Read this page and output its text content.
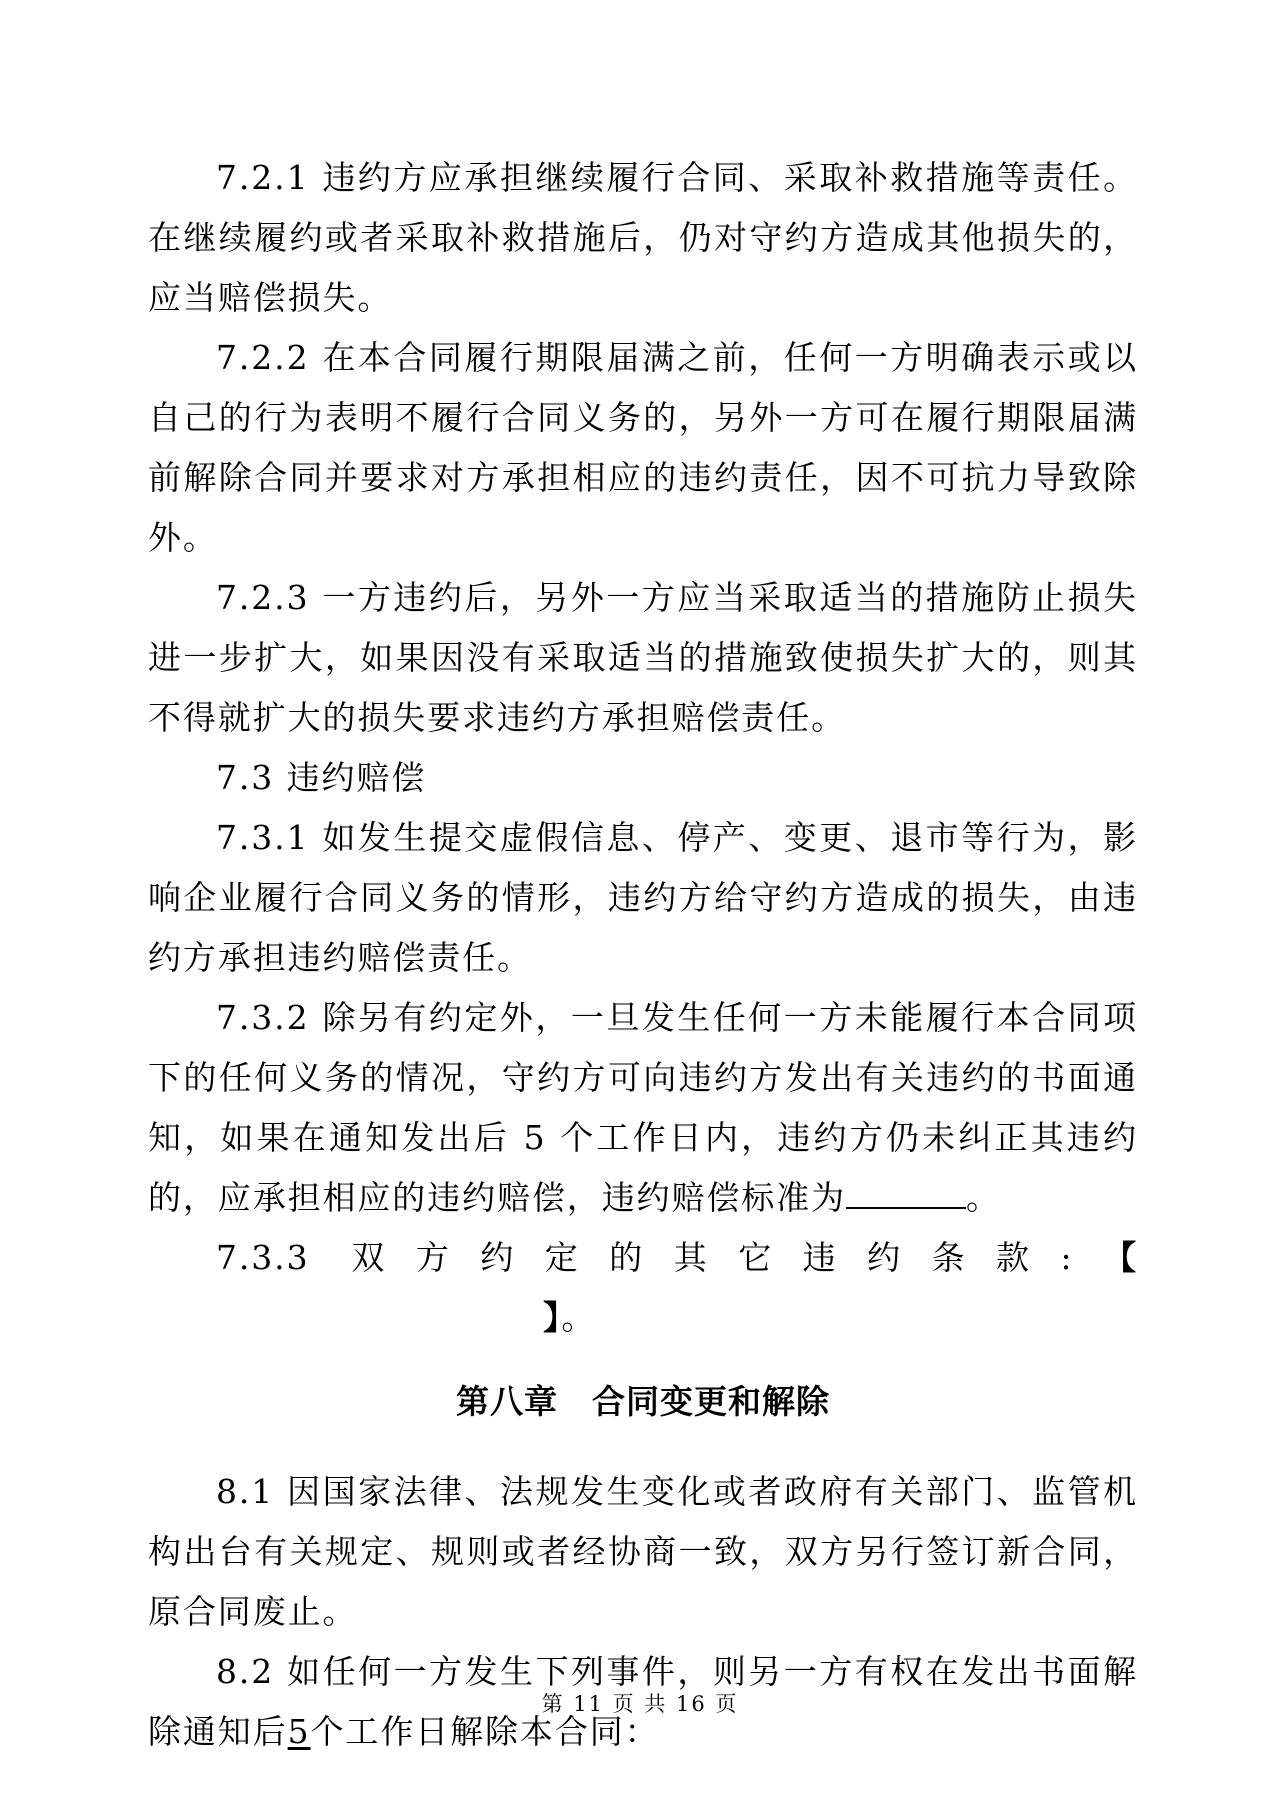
7.2.1 违约方应承担继续履行合同、采取补救措施等责任。在继续履约或者采取补救措施后，仍对守约方造成其他损失的，应当赔偿损失。

7.2.2 在本合同履行期限届满之前，任何一方明确表示或以自己的行为表明不履行合同义务的，另外一方可在履行期限届满前解除合同并要求对方承担相应的违约责任，因不可抗力导致除外。

7.2.3 一方违约后，另外一方应当采取适当的措施防止损失进一步扩大，如果因没有采取适当的措施致使损失扩大的，则其不得就扩大的损失要求违约方承担赔偿责任。

7.3 违约赔偿

7.3.1 如发生提交虚假信息、停产、变更、退市等行为，影响企业履行合同义务的情形，违约方给守约方造成的损失，由违约方承担违约赔偿责任。

7.3.2 除另有约定外，一旦发生任何一方未能履行本合同项下的任何义务的情况，守约方可向违约方发出有关违约的书面通知，如果在通知发出后 5 个工作日内，违约方仍未纠正其违约的，应承担相应的违约赔偿，违约赔偿标准为	。

7.3.3 双方约定的其它违约条款:【】。

第八章　合同变更和解除

8.1 因国家法律、法规发生变化或者政府有关部门、监管机构出台有关规定、规则或者经协商一致，双方另行签订新合同，原合同废止。

8.2 如任何一方发生下列事件，则另一方有权在发出书面解除通知后5个工作日解除本合同：

第 11 页 共 16 页
